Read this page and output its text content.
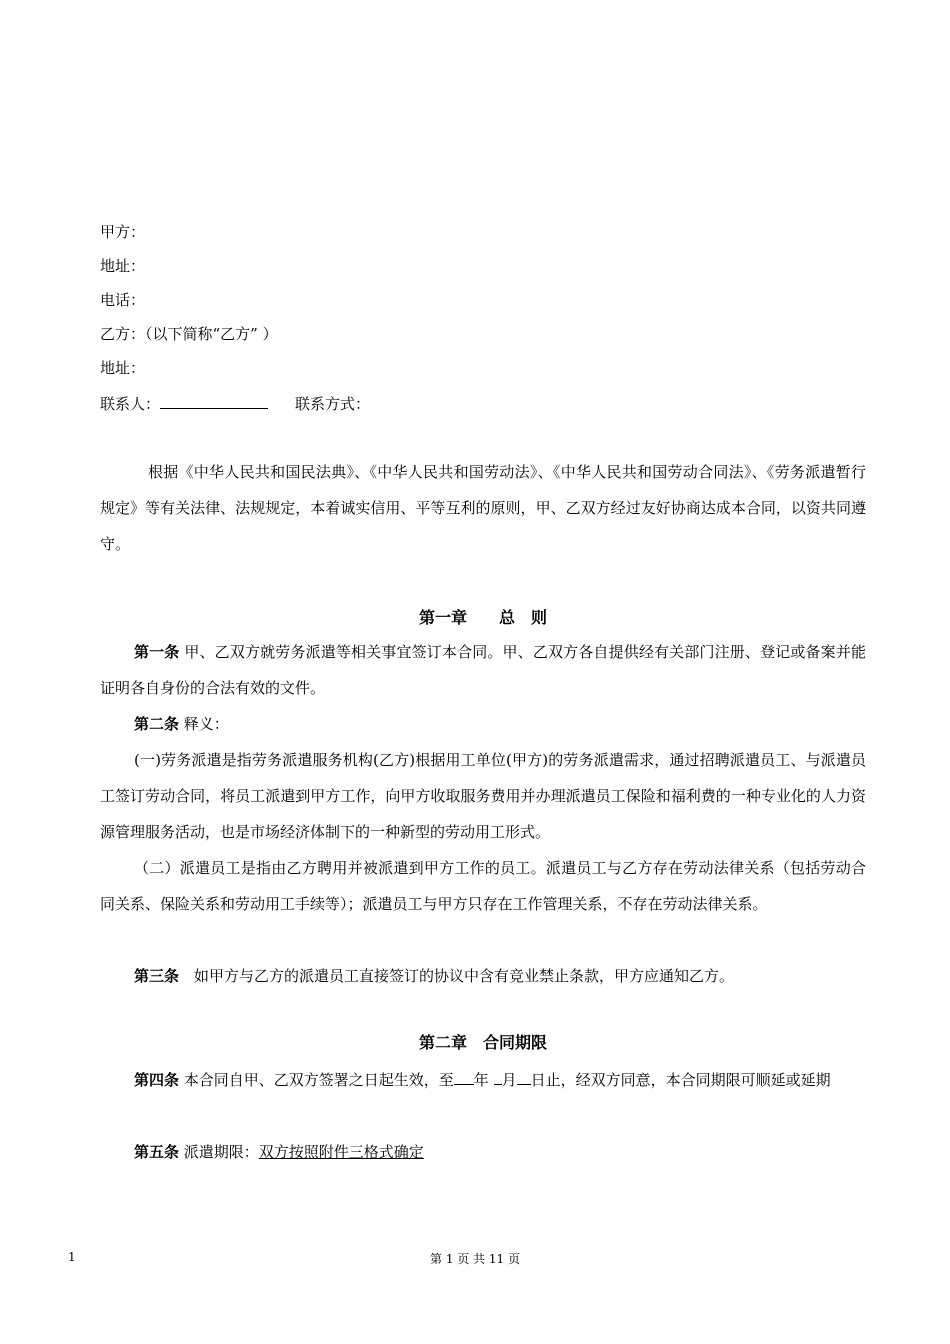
甲方：
地址：
电话：
乙方：（以下简称“乙方” ）
地址：
联系人：	联系方式：
根据《中华人民共和国民法典》、《中华人民共和国劳动法》、《中华人民共和国劳动合同法》、《劳务派遣暂行规定》等有关法律、法规规定，本着诚实信用、平等互利的原则，甲、乙双方经过友好协商达成本合同，以资共同遵守。
第一章　　总　则
第一条 甲、乙双方就劳务派遣等相关事宜签订本合同。甲、乙双方各自提供经有关部门注册、登记或备案并能证明各自身份的合法有效的文件。
第二条 释义：
(一)劳务派遣是指劳务派遣服务机构(乙方)根据用工单位(甲方)的劳务派遣需求，通过招聘派遣员工、与派遣员工签订劳动合同，将员工派遣到甲方工作，向甲方收取服务费用并办理派遣员工保险和福利费的一种专业化的人力资源管理服务活动，也是市场经济体制下的一种新型的劳动用工形式。
（二）派遣员工是指由乙方聘用并被派遣到甲方工作的员工。派遣员工与乙方存在劳动法律关系（包括劳动合同关系、保险关系和劳动用工手续等）；派遣员工与甲方只存在工作管理关系，不存在劳动法律关系。
第三条　如甲方与乙方的派遣员工直接签订的协议中含有竞业禁止条款，甲方应通知乙方。
第二章　合同期限
第四条 本合同自甲、乙双方签署之日起生效，至 年 月 日止，经双方同意，本合同期限可顺延或延期
第五条 派遣期限：双方按照附件三格式确定
1	第 1 页 共 11 页
